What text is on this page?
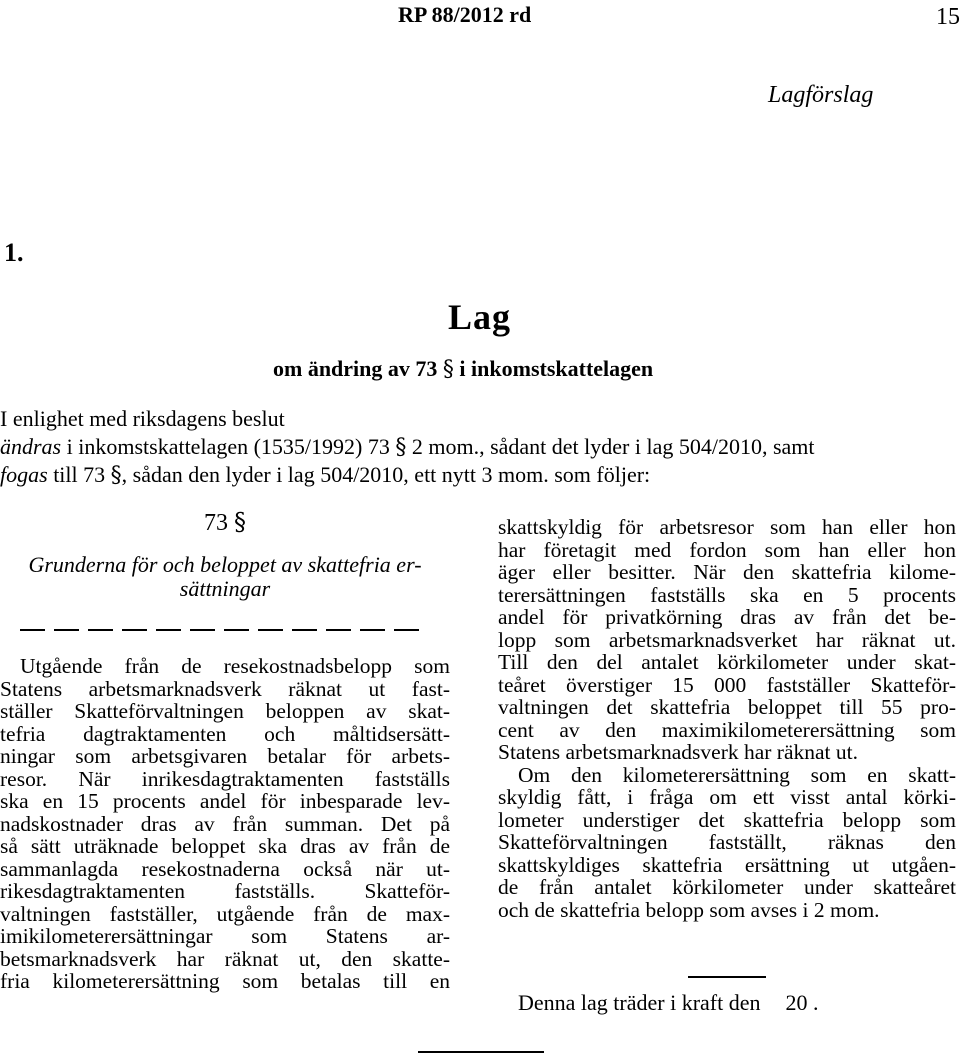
RP 88/2012 rd	15
Lagförslag
1.
Lag
om ändring av 73 § i inkomstskattelagen
I enlighet med riksdagens beslut
ändras i inkomstskattelagen (1535/1992) 73 § 2 mom., sådant det lyder i lag 504/2010, samt
fogas till 73 §, sådan den lyder i lag 504/2010, ett nytt 3 mom. som följer:
73 §
Grunderna för och beloppet av skattefria er-
sättningar
Utgående från de resekostnadsbelopp som
Statens arbetsmarknadsverk räknat ut fast-
ställer Skatteförvaltningen beloppen av skat-
tefria dagtraktamenten och måltidsersätt-
ningar som arbetsgivaren betalar för arbets-
resor. När inrikesdagtraktamenten fastställs
ska en 15 procents andel för inbesparade lev-
nadskostnader dras av från summan. Det på
så sätt uträknade beloppet ska dras av från de
sammanlagda resekostnaderna också när ut-
rikesdagtraktamenten fastställs. Skatteför-
valtningen fastställer, utgående från de max-
imikilometerersättningar som Statens ar-
betsmarknadsverk har räknat ut, den skatte-
fria kilometerersättning som betalas till en
skattskyldig för arbetsresor som han eller hon
har företagit med fordon som han eller hon
äger eller besitter. När den skattefria kilome-
terersättningen fastställs ska en 5 procents
andel för privatkörning dras av från det be-
lopp som arbetsmarknadsverket har räknat ut.
Till den del antalet körkilometer under skat-
teåret överstiger 15 000 fastställer Skatteför-
valtningen det skattefria beloppet till 55 pro-
cent av den maximikilometerersättning som
Statens arbetsmarknadsverk har räknat ut.
Om den kilometerersättning som en skatt-
skyldig fått, i fråga om ett visst antal körki-
lometer understiger det skattefria belopp som
Skatteförvaltningen fastställt, räknas den
skattskyldiges skattefria ersättning ut utgåen-
de från antalet körkilometer under skatteåret
och de skattefria belopp som avses i 2 mom.
Denna lag träder i kraft den 20 .
